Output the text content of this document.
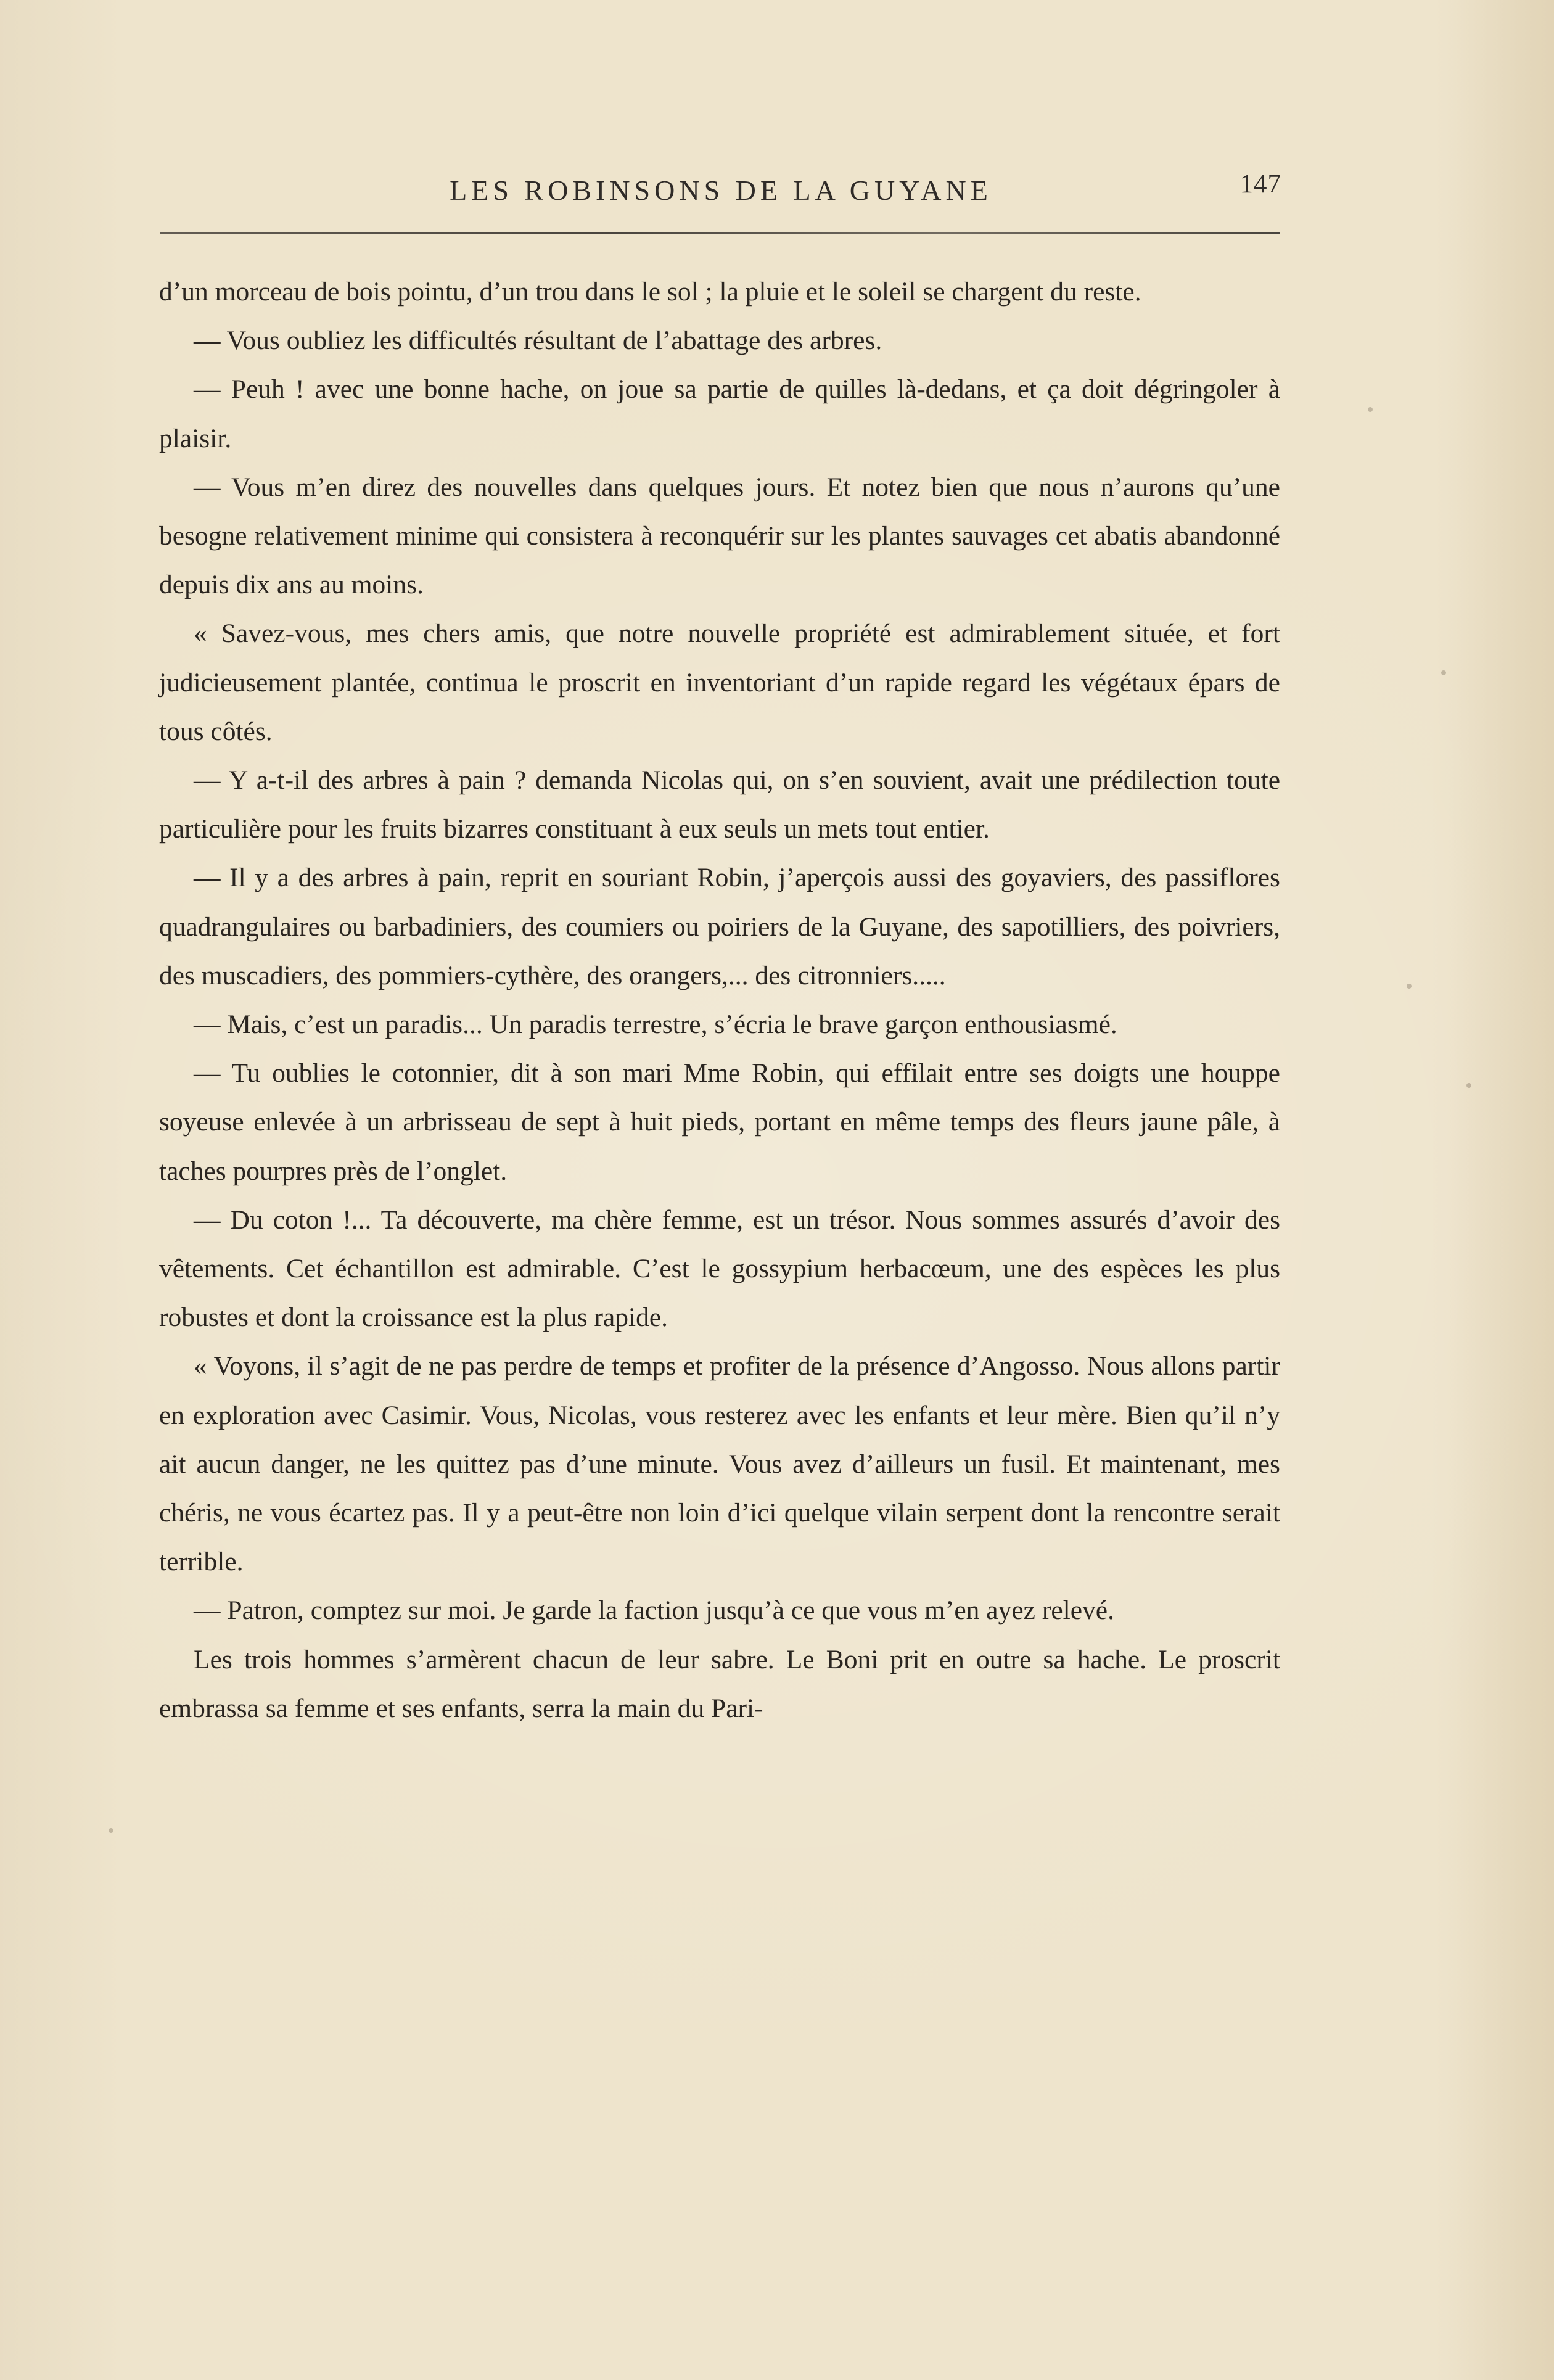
LES ROBINSONS DE LA GUYANE	147

d’un morceau de bois pointu, d’un trou dans le sol ; la pluie et le soleil se chargent du reste.

— Vous oubliez les difficultés résultant de l’abattage des arbres.

— Peuh ! avec une bonne hache, on joue sa partie de quilles là-dedans, et ça doit dégringoler à plaisir.

— Vous m’en direz des nouvelles dans quelques jours. Et notez bien que nous n’aurons qu’une besogne relativement minime qui consistera à reconquérir sur les plantes sauvages cet abatis abandonné depuis dix ans au moins.

« Savez-vous, mes chers amis, que notre nouvelle propriété est admirablement située, et fort judicieusement plantée, continua le proscrit en inventoriant d’un rapide regard les végétaux épars de tous côtés.

— Y a-t-il des arbres à pain ? demanda Nicolas qui, on s’en souvient, avait une prédilection toute particulière pour les fruits bizarres constituant à eux seuls un mets tout entier.

— Il y a des arbres à pain, reprit en souriant Robin, j’aperçois aussi des goyaviers, des passiflores quadrangulaires ou barbadiniers, des coumiers ou poiriers de la Guyane, des sapotilliers, des poivriers, des muscadiers, des pommiers-cythère, des orangers,... des citronniers.....

— Mais, c’est un paradis... Un paradis terrestre, s’écria le brave garçon enthousiasmé.

— Tu oublies le cotonnier, dit à son mari Mme Robin, qui effilait entre ses doigts une houppe soyeuse enlevée à un arbrisseau de sept à huit pieds, portant en même temps des fleurs jaune pâle, à taches pourpres près de l’onglet.

— Du coton !... Ta découverte, ma chère femme, est un trésor. Nous sommes assurés d’avoir des vêtements. Cet échantillon est admirable. C’est le gossypium herbacœum, une des espèces les plus robustes et dont la croissance est la plus rapide.

« Voyons, il s’agit de ne pas perdre de temps et profiter de la présence d’Angosso. Nous allons partir en exploration avec Casimir. Vous, Nicolas, vous resterez avec les enfants et leur mère. Bien qu’il n’y ait aucun danger, ne les quittez pas d’une minute. Vous avez d’ailleurs un fusil. Et maintenant, mes chéris, ne vous écartez pas. Il y a peut-être non loin d’ici quelque vilain serpent dont la rencontre serait terrible.

— Patron, comptez sur moi. Je garde la faction jusqu’à ce que vous m’en ayez relevé.

Les trois hommes s’armèrent chacun de leur sabre. Le Boni prit en outre sa hache. Le proscrit embrassa sa femme et ses enfants, serra la main du Pari-
